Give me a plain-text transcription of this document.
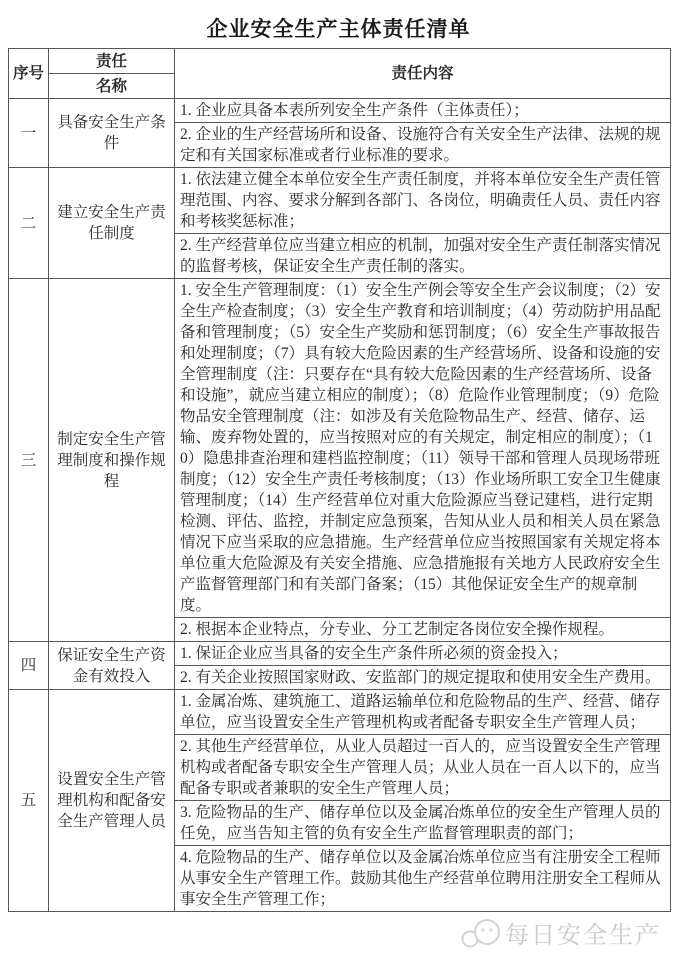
企业安全生产主体责任清单
序号	责任	责任内容
	名称	
一	具备安全生产条件	1. 企业应具备本表所列安全生产条件（主体责任）；
		2. 企业的生产经营场所和设备、设施符合有关安全生产法律、法规的规定和有关国家标准或者行业标准的要求。
二	建立安全生产责任制度	1. 依法建立健全本单位安全生产责任制度，并将本单位安全生产责任管理范围、内容、要求分解到各部门、各岗位，明确责任人员、责任内容和考核奖惩标准；
		2. 生产经营单位应当建立相应的机制，加强对安全生产责任制落实情况的监督考核，保证安全生产责任制的落实。
三	制定安全生产管理制度和操作规程	1. 安全生产管理制度：（1）安全生产例会等安全生产会议制度；（2）安全生产检查制度；（3）安全生产教育和培训制度；（4）劳动防护用品配备和管理制度；（5）安全生产奖励和惩罚制度；（6）安全生产事故报告和处理制度；（7）具有较大危险因素的生产经营场所、设备和设施的安全管理制度（注：只要存在“具有较大危险因素的生产经营场所、设备和设施”，就应当建立相应的制度）；（8）危险作业管理制度；（9）危险物品安全管理制度（注：如涉及有关危险物品生产、经营、储存、运输、废弃物处置的，应当按照对应的有关规定，制定相应的制度）；（10）隐患排查治理和建档监控制度；（11）领导干部和管理人员现场带班制度；（12）安全生产责任考核制度；（13）作业场所职工安全卫生健康管理制度；（14）生产经营单位对重大危险源应当登记建档，进行定期检测、评估、监控，并制定应急预案，告知从业人员和相关人员在紧急情况下应当采取的应急措施。生产经营单位应当按照国家有关规定将本单位重大危险源及有关安全措施、应急措施报有关地方人民政府安全生产监督管理部门和有关部门备案；（15）其他保证安全生产的规章制度。
		2. 根据本企业特点，分专业、分工艺制定各岗位安全操作规程。
四	保证安全生产资金有效投入	1. 保证企业应当具备的安全生产条件所必须的资金投入；
		2. 有关企业按照国家财政、安监部门的规定提取和使用安全生产费用。
五	设置安全生产管理机构和配备安全生产管理人员	1. 金属冶炼、建筑施工、道路运输单位和危险物品的生产、经营、储存单位，应当设置安全生产管理机构或者配备专职安全生产管理人员；
		2. 其他生产经营单位，从业人员超过一百人的，应当设置安全生产管理机构或者配备专职安全生产管理人员；从业人员在一百人以下的，应当配备专职或者兼职的安全生产管理人员；
		3. 危险物品的生产、储存单位以及金属冶炼单位的安全生产管理人员的任免，应当告知主管的负有安全生产监督管理职责的部门；
		4. 危险物品的生产、储存单位以及金属冶炼单位应当有注册安全工程师从事安全生产管理工作。鼓励其他生产经营单位聘用注册安全工程师从事安全生产管理工作；
每日安全生产
